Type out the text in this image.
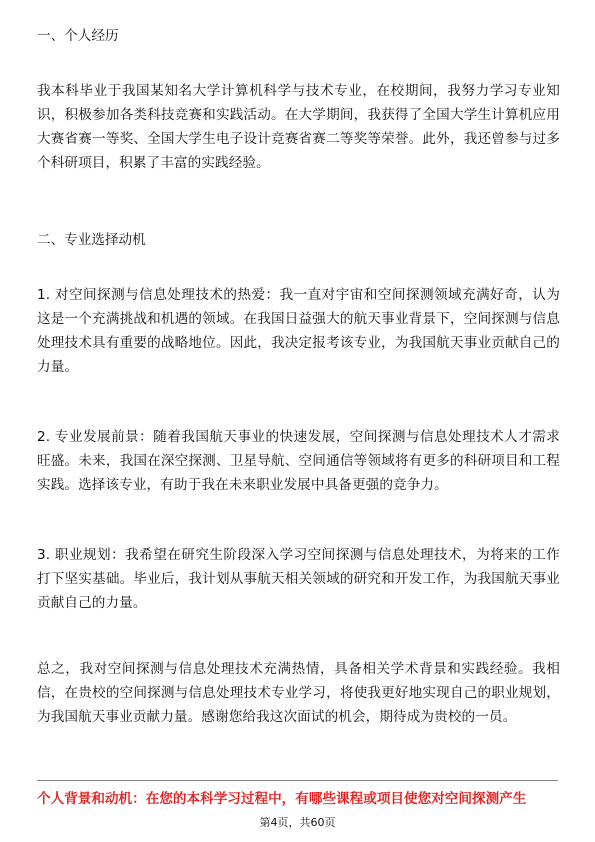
一、个人经历

我本科毕业于我国某知名大学计算机科学与技术专业，在校期间，我努力学习专业知识，积极参加各类科技竞赛和实践活动。在大学期间，我获得了全国大学生计算机应用大赛省赛一等奖、全国大学生电子设计竞赛省赛二等奖等荣誉。此外，我还曾参与过多个科研项目，积累了丰富的实践经验。

二、专业选择动机

1. 对空间探测与信息处理技术的热爱：我一直对宇宙和空间探测领域充满好奇，认为这是一个充满挑战和机遇的领域。在我国日益强大的航天事业背景下，空间探测与信息处理技术具有重要的战略地位。因此，我决定报考该专业，为我国航天事业贡献自己的力量。

2. 专业发展前景：随着我国航天事业的快速发展，空间探测与信息处理技术人才需求旺盛。未来，我国在深空探测、卫星导航、空间通信等领域将有更多的科研项目和工程实践。选择该专业，有助于我在未来职业发展中具备更强的竞争力。

3. 职业规划：我希望在研究生阶段深入学习空间探测与信息处理技术，为将来的工作打下坚实基础。毕业后，我计划从事航天相关领域的研究和开发工作，为我国航天事业贡献自己的力量。

总之，我对空间探测与信息处理技术充满热情，具备相关学术背景和实践经验。我相信，在贵校的空间探测与信息处理技术专业学习，将使我更好地实现自己的职业规划，为我国航天事业贡献力量。感谢您给我这次面试的机会，期待成为贵校的一员。

个人背景和动机：在您的本科学习过程中，有哪些课程或项目使您对空间探测产生
第4页，共60页
